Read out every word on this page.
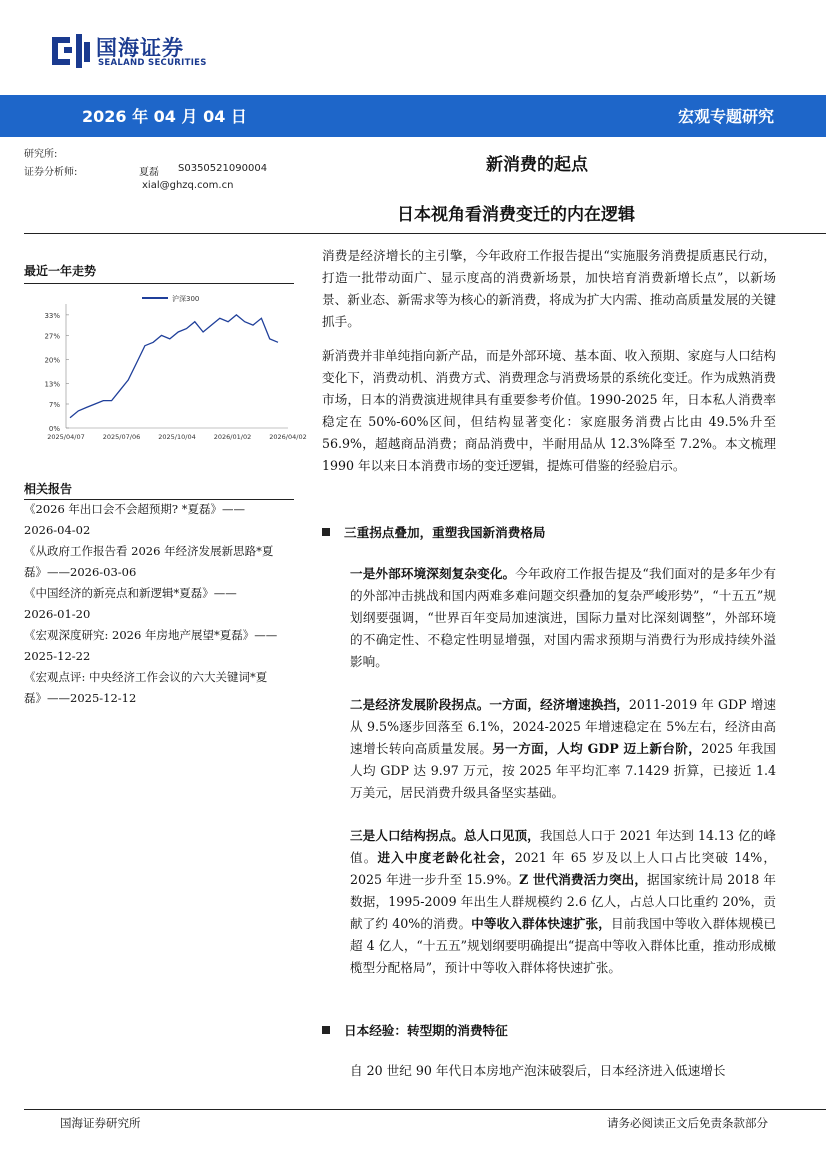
国海证券
SEALAND SECURITIES
2026 年 04 月 04 日	宏观专题研究
研究所:
证券分析师:	夏磊 S0350521090004
xial@ghzq.com.cn
新消费的起点
日本视角看消费变迁的内在逻辑
最近一年走势
0%
7%
13%
20%
27%
33%
2025/04/07	2025/07/06	2025/10/04	2026/01/02	2026/04/02
沪深300
相关报告
《2026 年出口会不会超预期? *夏磊》——
2026-04-02
《从政府工作报告看 2026 年经济发展新思路*夏
磊》——2026-03-06
《中国经济的新亮点和新逻辑*夏磊》——
2026-01-20
《宏观深度研究: 2026 年房地产展望*夏磊》——
2025-12-22
《宏观点评: 中央经济工作会议的六大关键词*夏
磊》——2025-12-12
消费是经济增长的主引擎，今年政府工作报告提出“实施服务消费提质惠民行动，打造一批带动面广、显示度高的消费新场景，加快培育消费新增长点”，以新场景、新业态、新需求等为核心的新消费，将成为扩大内需、推动高质量发展的关键抓手。
新消费并非单纯指向新产品，而是外部环境、基本面、收入预期、家庭与人口结构变化下，消费动机、消费方式、消费理念与消费场景的系统化变迁。作为成熟消费市场，日本的消费演进规律具有重要参考价值。1990-2025 年，日本私人消费率稳定在 50%-60%区间，但结构显著变化：家庭服务消费占比由 49.5%升至 56.9%，超越商品消费；商品消费中，半耐用品从 12.3%降至 7.2%。本文梳理 1990 年以来日本消费市场的变迁逻辑，提炼可借鉴的经验启示。
三重拐点叠加，重塑我国新消费格局
一是外部环境深刻复杂变化。今年政府工作报告提及“我们面对的是多年少有的外部冲击挑战和国内两难多难问题交织叠加的复杂严峻形势”，“十五五”规划纲要强调，“世界百年变局加速演进，国际力量对比深刻调整”，外部环境的不确定性、不稳定性明显增强，对国内需求预期与消费行为形成持续外溢影响。
二是经济发展阶段拐点。一方面，经济增速换挡，2011-2019 年 GDP 增速从 9.5%逐步回落至 6.1%，2024-2025 年增速稳定在 5%左右，经济由高速增长转向高质量发展。另一方面，人均 GDP 迈上新台阶，2025 年我国人均 GDP 达 9.97 万元，按 2025 年平均汇率 7.1429 折算，已接近 1.4 万美元，居民消费升级具备坚实基础。
三是人口结构拐点。总人口见顶，我国总人口于 2021 年达到 14.13 亿的峰值。进入中度老龄化社会，2021 年 65 岁及以上人口占比突破 14%，2025 年进一步升至 15.9%。Z 世代消费活力突出，据国家统计局 2018 年数据，1995-2009 年出生人群规模约 2.6 亿人，占总人口比重约 20%，贡献了约 40%的消费。中等收入群体快速扩张，目前我国中等收入群体规模已超 4 亿人，“十五五”规划纲要明确提出“提高中等收入群体比重，推动形成橄榄型分配格局”，预计中等收入群体将快速扩张。
日本经验：转型期的消费特征
自 20 世纪 90 年代日本房地产泡沫破裂后，日本经济进入低速增长
国海证券研究所	请务必阅读正文后免责条款部分
